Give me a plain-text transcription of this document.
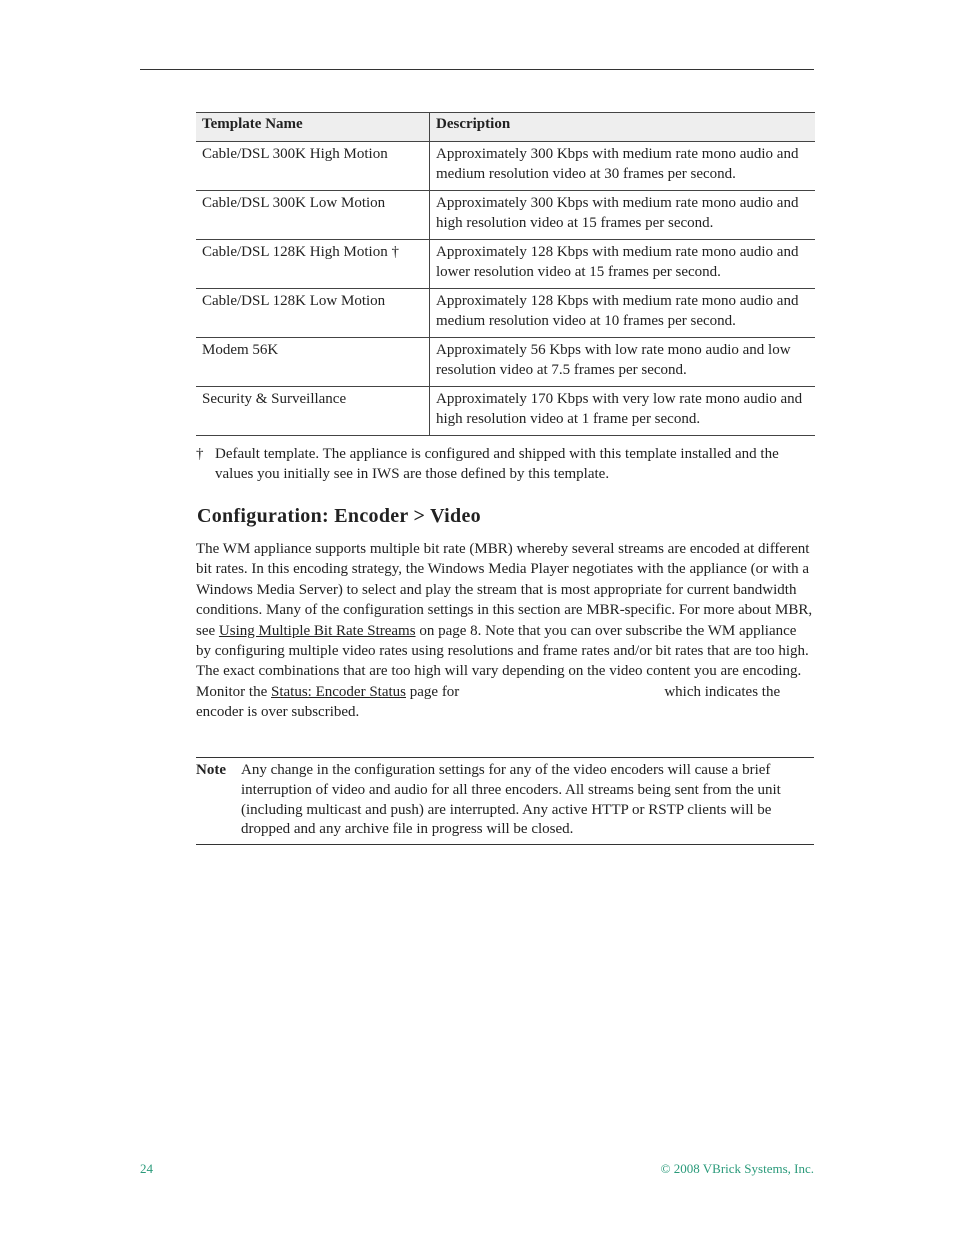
Template Name	Description
Cable/DSL 300K High Motion	Approximately 300 Kbps with medium rate mono audio and medium resolution video at 30 frames per second.
Cable/DSL 300K Low Motion	Approximately 300 Kbps with medium rate mono audio and high resolution video at 15 frames per second.
Cable/DSL 128K High Motion †	Approximately 128 Kbps with medium rate mono audio and lower resolution video at 15 frames per second.
Cable/DSL 128K Low Motion	Approximately 128 Kbps with medium rate mono audio and medium resolution video at 10 frames per second.
Modem 56K	Approximately 56 Kbps with low rate mono audio and low resolution video at 7.5 frames per second.
Security & Surveillance	Approximately 170 Kbps with very low rate mono audio and high resolution video at 1 frame per second.
† Default template. The appliance is configured and shipped with this template installed and the values you initially see in IWS are those defined by this template.
Configuration: Encoder > Video

The WM appliance supports multiple bit rate (MBR) whereby several streams are encoded at different bit rates. In this encoding strategy, the Windows Media Player negotiates with the appliance (or with a Windows Media Server) to select and play the stream that is most appropriate for current bandwidth conditions. Many of the configuration settings in this section are MBR-specific. For more about MBR, see Using Multiple Bit Rate Streams on page 8. Note that you can over subscribe the WM appliance by configuring multiple video rates using resolutions and frame rates and/or bit rates that are too high. The exact combinations that are too high will vary depending on the video content you are encoding. Monitor the Status: Encoder Status page for	which indicates the encoder is over subscribed.

Note Any change in the configuration settings for any of the video encoders will cause a brief interruption of video and audio for all three encoders. All streams being sent from the unit (including multicast and push) are interrupted. Any active HTTP or RSTP clients will be dropped and any archive file in progress will be closed.
24	© 2008 VBrick Systems, Inc.
